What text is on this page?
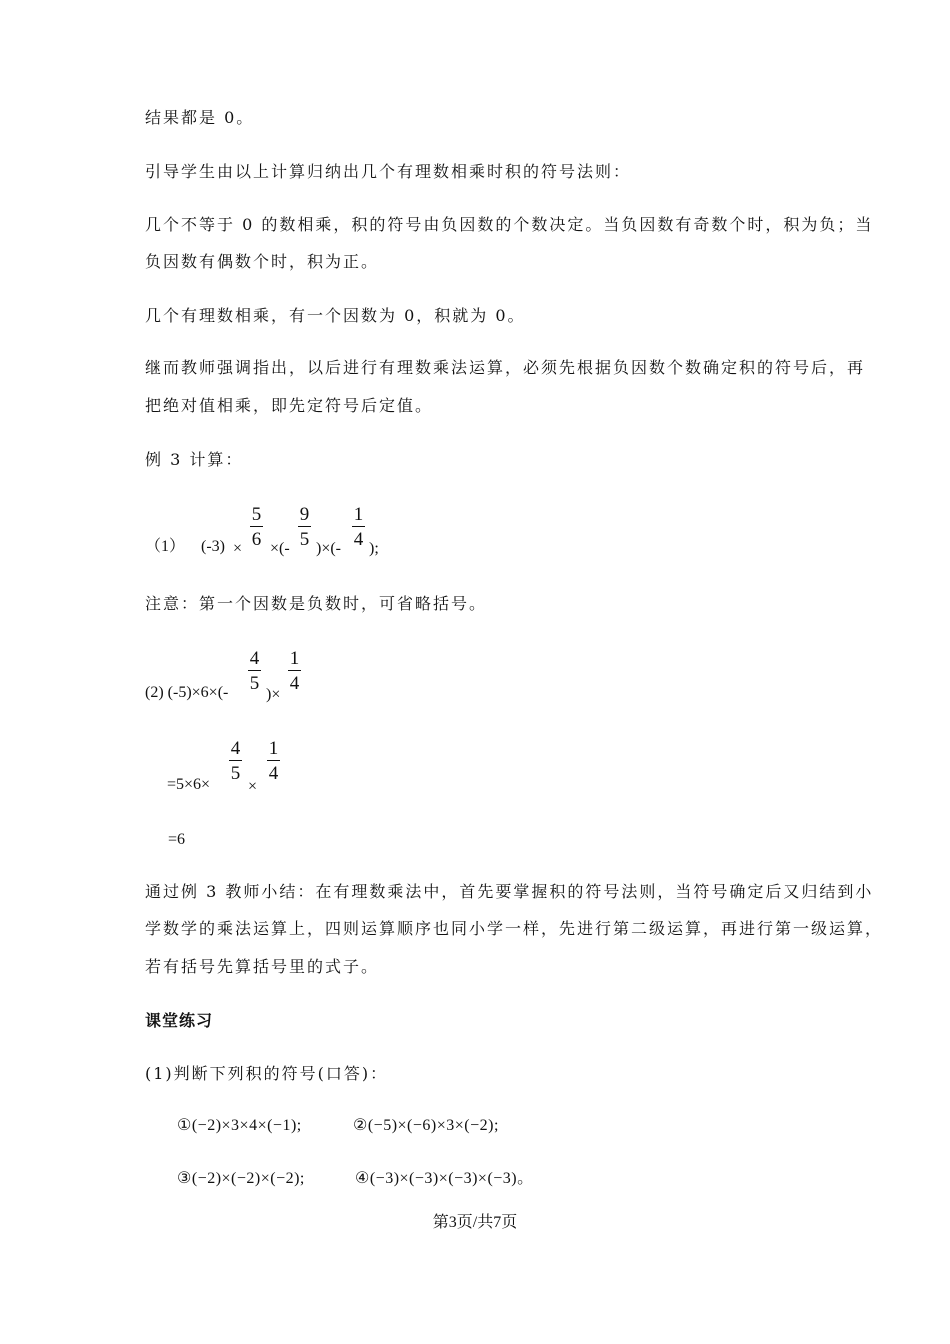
结果都是 0。
引导学生由以上计算归纳出几个有理数相乘时积的符号法则：
几个不等于 0 的数相乘，积的符号由负因数的个数决定。当负因数有奇数个时，积为负；当
负因数有偶数个时，积为正。
几个有理数相乘，有一个因数为 0，积就为 0。
继而教师强调指出，以后进行有理数乘法运算，必须先根据负因数个数确定积的符号后，再
把绝对值相乘，即先定符号后定值。
例 3 计算：
（1） (-3) ×
5
6 ×(-
9
5 )×(-
1
4 );
注意：第一个因数是负数时，可省略括号。
(2) (-5)×6×(-
4
5
)×
1
4
=5×6×
4
5
×
1
4
=6
通过例 3 教师小结：在有理数乘法中，首先要掌握积的符号法则，当符号确定后又归结到小
学数学的乘法运算上，四则运算顺序也同小学一样，先进行第二级运算，再进行第一级运算，
若有括号先算括号里的式子。
课堂练习
(1)判断下列积的符号(口答)：
①(−2)×3×4×(−1);	②(−5)×(−6)×3×(−2);
③(−2)×(−2)×(−2);	④(−3)×(−3)×(−3)×(−3)。
第3页/共7页
